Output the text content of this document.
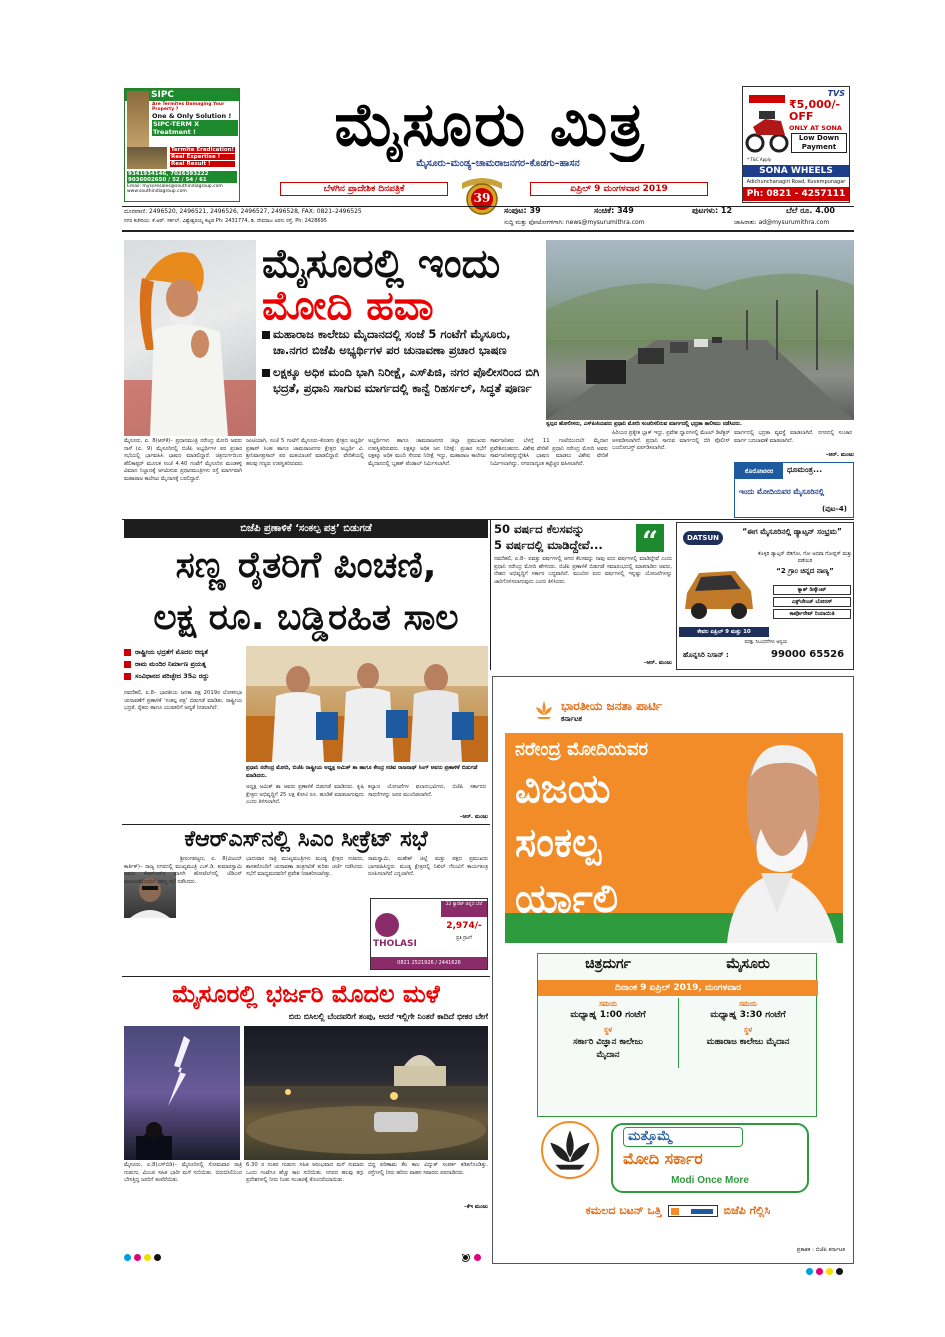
SIPC
Are Termites Damaging Your Property ?
One & Only Solution !
SIPC-TERM X Treatment !
Termite Eradication!
Real Expertise !
Real Result !
9341934146, 7026393222
9036002650 / 52 / 54 / 61
Email: mysoresales@southindiagroup.com
www.southindiagroup.com
ಮೈಸೂರು ಮಿತ್ರ
ಮೈಸೂರು–ಮಂಡ್ಯ–ಚಾಮರಾಜನಗರ–ಕೊಡಗು–ಹಾಸನ
ಬೆಳಗಿನ ಪ್ರಾದೇಶಿಕ ದಿನಪತ್ರಿಕೆ
39
ಏಪ್ರಿಲ್ 9 ಮಂಗಳವಾರ 2019
TVS
₹5,000/- OFF
ONLY AT SONA
Low Down Payment
* T&C Apply
SONA WHEELS
Adichunchanagiri Road, Kuvempunagar
Ph: 0821 - 4257111
ದೂರವಾಣಿ: 2496520, 2496521, 2496526, 2496527, 2496528, FAX: 0821–2496525
ನಗರ ಕಚೇರಿಯ: ಕೆ.ಆರ್. ಸರ್ಕಲ್, ವಿಶ್ವೇಶ್ವರಯ್ಯ ಕಟ್ಟಡ Ph: 2431774, ಡಿ. ದೇವರಾಜ ಅರಸು ರಸ್ತೆ, Ph: 2428695
ಸಂಪುಟ: 39	ಸಂಚಿಕೆ: 349	ಪುಟಗಳು: 12	ಬೆಲೆ ರೂ. 4.00
ಸುದ್ದಿ ಮತ್ತು ಫೋಟೋಗಳಿಗಾಗಿ: news@mysurumithra.com	ಜಾಹಿರಾತು: ad@mysurumithra.com
ಮೈಸೂರಲ್ಲಿ ಇಂದು
ಮೋದಿ ಹವಾ
ಮಹಾರಾಜ ಕಾಲೇಜು ಮೈದಾನದಲ್ಲಿ ಸಂಜೆ 5 ಗಂಟೆಗೆ ಮೈಸೂರು, ಚಾ.ನಗರ ಬಿಜೆಪಿ ಅಭ್ಯರ್ಥಿಗಳ ಪರ ಚುನಾವಣಾ ಪ್ರಚಾರ ಭಾಷಣ
ಲಕ್ಷಕ್ಕೂ ಅಧಿಕ ಮಂದಿ ಭಾಗಿ ನಿರೀಕ್ಷೆ, ಎಸ್‌ಪಿಜಿ, ನಗರ ಪೊಲೀಸರಿಂದ ಬಿಗಿ ಭದ್ರತೆ, ಪ್ರಧಾನಿ ಸಾಗುವ ಮಾರ್ಗದಲ್ಲಿ ಕಾನ್ವೆ ರಿಹರ್ಸಲ್, ಸಿದ್ಧತೆ ಪೂರ್ಣ
ಸ್ವಲ್ಪದ ಹೋಲೀಸರು, ಎಸ್‌ಪಿಜಿಯವರು ಪ್ರಧಾನಿ ಮೋದಿ ಸಂಚರಿಸಲಿರುವ ಮಾರ್ಗದಲ್ಲಿ ಭದ್ರತಾ ತಾಲೀಮು ನಡೆಸಿದರು.
ಮೈಸೂರು, ಏ. 8(ಆರ್‌ಕೆ)– ಪ್ರಧಾನಮಂತ್ರಿ ನರೇಂದ್ರ ಮೋದಿ ಅವರು ನಾಳೆ (ಏ. 9) ಮೈಸೂರಿನಲ್ಲಿ ಬಿಜೆಪಿ ಅಭ್ಯರ್ಥಿಗಳ ಪರ ಪ್ರಚಾರ ಸಭೆಯಲ್ಲಿ ಭಾಗವಹಿಸಿ ಭಾಷಣ ಮಾಡಲಿದ್ದಾರೆ. ಚಿತ್ರದುರ್ಗದಿಂದ ಹೆಲಿಕಾಪ್ಟರ್ ಮೂಲಕ ಸಂಜೆ 4.40 ಗಂಟೆಗೆ ಮೈಸೂರಿನ ಮಂಡಕಳ್ಳಿ ವಿಮಾನ ನಿಲ್ದಾಣಕ್ಕೆ ಆಗಮಿಸುವ ಪ್ರಧಾನಮಂತ್ರಿಗಳು ರಸ್ತೆ ಮಾರ್ಗವಾಗಿ ಮಹಾರಾಜ ಕಾಲೇಜು ಮೈದಾನಕ್ಕೆ ಬರಲಿದ್ದಾರೆ.
ಜಂಟಿಯಾಗಿ, ಸಂಜೆ 5 ಗಂಟೆಗೆ ಮೈಸೂರು–ಕೊಡಗು ಕ್ಷೇತ್ರದ ಅಭ್ಯರ್ಥಿ ಪ್ರತಾಪ್ ಸಿಂಹ ಹಾಗೂ ಚಾಮರಾಜನಗರ ಕ್ಷೇತ್ರದ ಅಭ್ಯರ್ಥಿ ವಿ. ಶ್ರೀನಿವಾಸಪ್ರಸಾದ್ ಪರ ಮತಯಾಚನೆ ಮಾಡಲಿದ್ದಾರೆ. ವೇದಿಕೆಯಲ್ಲಿ ಹಲವು ಗಣ್ಯರು ಉಪಸ್ಥಿತರಿರುವರು.
ಅಭ್ಯರ್ಥಿಗಳು ಹಾಗೂ ಚಾಮರಾಜನಗರ ಜಿಲ್ಲಾ ಪ್ರಮುಖರು ಉಪಸ್ಥಿತರಿರುವರು. ಲಕ್ಷಕ್ಕೂ ಅಧಿಕ ಜನ ನಿರೀಕ್ಷೆ: ಪ್ರಚಾರ ಸಭೆಗೆ ಲಕ್ಷಕ್ಕೂ ಅಧಿಕ ಮಂದಿ ಸೇರುವ ನಿರೀಕ್ಷೆ ಇದ್ದು, ಮಹಾರಾಜ ಕಾಲೇಜು ಮೈದಾನದಲ್ಲಿ ಬೃಹತ್ ಪೆಂಡಾಲ್ ನಿರ್ಮಿಸಲಾಗಿದೆ.
ಸಾರ್ವಜನಿಕರು ಬೆಳಗ್ಗೆ 11 ಗಂಟೆಯಿಂದಲೇ ಮೈದಾನ ಪ್ರವೇಶಿಸಬಹುದು. ವಿಶೇಷ ವೇದಿಕೆ: ಪ್ರಧಾನಿ ನರೇಂದ್ರ ಮೋದಿ ಅವರು ಸಾರ್ವಜನಿಕರನ್ನುದ್ದೇಶಿಸಿ ಭಾಷಣ ಮಾಡಲು ವಿಶೇಷ ವೇದಿಕೆ ನಿರ್ಮಿಸಲಾಗಿದ್ದು, ನಗರದಾದ್ಯಂತ ಕಟ್ಟೆಚ್ಚರ ವಹಿಸಲಾಗಿದೆ.
ಹಿರಿಯರ ಪ್ರತ್ಯೇಕ ಬ್ಲಾಕ್ ಇದ್ದು, ಪ್ರವೇಶ ದ್ವಾರಗಳಲ್ಲಿ ಮೆಟಲ್ ಡಿಟೆಕ್ಟರ್ ಅಳವಡಿಸಲಾಗಿದೆ. ಪ್ರಧಾನಿ ಸಾಗುವ ಮಾರ್ಗದಲ್ಲಿ ಬಿಗಿ ಪೊಲೀಸ್ ಬಂದೋಬಸ್ತ್ ಏರ್ಪಡಿಸಲಾಗಿದೆ.
ಮಾರ್ಗದಲ್ಲಿ ಭದ್ರತಾ ವ್ಯವಸ್ಥೆ ಮಾಡಲಾಗಿದೆ. ನಗರದಲ್ಲಿ ಸಂಚಾರ ಮಾರ್ಗ ಬದಲಾವಣೆ ಮಾಡಲಾಗಿದೆ.
–ಆರ್. ಮಂಜು
ಕೊರೋವನರ	ಧೂಮಂತ್ರ...
ಇಂದು ಮೋದಿಯವರ ಮೈಸೂರಿನಲ್ಲಿ
(ಪುಟ–4)
ಬಿಜೆಪಿ ಪ್ರಣಾಳಿಕೆ ‘ಸಂಕಲ್ಪ ಪತ್ರ’ ಬಿಡುಗಡೆ
ಸಣ್ಣ ರೈತರಿಗೆ ಪಿಂಚಣಿ,
ಲಕ್ಷ ರೂ. ಬಡ್ಡಿರಹಿತ ಸಾಲ
ರಾಷ್ಟ್ರೀಯ ಭದ್ರತೆಗೆ ಮೊದಲ ಆದ್ಯತೆ
ರಾಮ ಮಂದಿರ ನಿರ್ಮಾಣ ಪ್ರಯತ್ನ
ಸಂವಿಧಾನದ ಪರಿಚ್ಛೇದ 35ಎ ರದ್ದು
ಪ್ರಧಾನಿ ನರೇಂದ್ರ ಮೋದಿ, ಬಿಜೆಪಿ ರಾಷ್ಟ್ರೀಯ ಅಧ್ಯಕ್ಷ ಅಮಿತ್ ಶಾ ಹಾಗೂ ಕೇಂದ್ರ ಸಚಿವ ರಾಜನಾಥ್ ಸಿಂಗ್ ಅವರು ಪ್ರಣಾಳಿಕೆ ಬಿಡುಗಡೆ ಮಾಡಿದರು.
ನವದೆಹಲಿ, ಏ.8– ಭಾರತೀಯ ಜನತಾ ಪಕ್ಷ 2019ರ ಲೋಕಸಭಾ ಚುನಾವಣೆಗೆ ಪ್ರಣಾಳಿಕೆ ‘ಸಂಕಲ್ಪ ಪತ್ರ’ ಬಿಡುಗಡೆ ಮಾಡಿತು. ರಾಷ್ಟ್ರೀಯ ಭದ್ರತೆ, ರೈತರು ಹಾಗೂ ಯುವಕರಿಗೆ ಆದ್ಯತೆ ನೀಡಲಾಗಿದೆ.
ಅಧ್ಯಕ್ಷ ಅಮಿತ್ ಶಾ ಅವರು ಪ್ರಣಾಳಿಕೆ ಬಿಡುಗಡೆ ಮಾಡಿದರು. ಕೃಷಿ ಕ್ಷೇತ್ರದ ಅಭಿವೃದ್ಧಿಗೆ 25 ಲಕ್ಷ ಕೋಟಿ ರೂ. ಹೂಡಿಕೆ ಮಾಡಲಾಗುವುದು ಎಂದು ತಿಳಿಸಲಾಗಿದೆ.
ಕಲ್ಯಾಣ ಯೋಜನೆಗಳ ಫಲಾನುಭವಿಗಳು, ಬಿಜೆಪಿ ಸರ್ಕಾರದ ಸಾಧನೆಗಳನ್ನು ಜನರ ಮುಂದಿಡಲಾಗಿದೆ.
–ಆರ್. ಮಂಜು
50 ವರ್ಷದ ಕೆಲಸವನ್ನು
5 ವರ್ಷದಲ್ಲಿ ಮಾಡಿದ್ದೇವೆ...	“
ನವದೆಹಲಿ, ಏ.8– ಐವತ್ತು ವರ್ಷಗಳಲ್ಲಿ ಆಗದ ಕೆಲಸವನ್ನು ನಾವು ಐದು ವರ್ಷಗಳಲ್ಲಿ ಮಾಡಿದ್ದೇವೆ ಎಂದು ಪ್ರಧಾನಿ ನರೇಂದ್ರ ಮೋದಿ ಹೇಳಿದರು. ಬಿಜೆಪಿ ಪ್ರಣಾಳಿಕೆ ಬಿಡುಗಡೆ ಸಮಾರಂಭದಲ್ಲಿ ಮಾತನಾಡಿದ ಅವರು, ದೇಶದ ಅಭಿವೃದ್ಧಿಗೆ ಸರ್ಕಾರ ಬದ್ಧವಾಗಿದೆ. ಮುಂದಿನ ಐದು ವರ್ಷಗಳಲ್ಲಿ ಇನ್ನಷ್ಟು ಯೋಜನೆಗಳನ್ನು ಜಾರಿಗೊಳಿಸಲಾಗುವುದು ಎಂದು ತಿಳಿಸಿದರು.
–ಆರ್. ಮಂಜು
DATSUN
“ಈಗ ಮೈಸೂರಿನಲ್ಲಿ ಡ್ಯಾಟ್ಸನ್ ಸಂಭ್ರಮ”
ಕೊಳ್ಳಿರಿ ಡ್ಯಾಟ್ಸನ್ ರೆಡಿಗೋ, ಗೋ ಅಥವಾ ಗೋಪ್ಲಸ್ ಮತ್ತು ಪಡೆಯಿರಿ
“2 ಗ್ರಾಂ ಚಿನ್ನದ ನಾಣ್ಯ”
ಕ್ಯಾಶ್ ಡಿಸ್ಕೌಂಟ್
ಎಕ್ಸ್‌ಚೇಂಜ್ ಬೋನಸ್
ಕಾರ್ಪೊರೇಟ್ ರಿಯಾಯಿತಿ
ಕೇವಲ ಏಪ್ರಿಲ್ 9 ಮತ್ತು 10
ಷರತ್ತು ನಿಬಂಧನೆಗಳು ಅನ್ವಯ
ಹೊನ್ನಸಿರಿ ನಿಸಾನ್ :	99000 65526
ಭಾರತೀಯ ಜನತಾ ಪಾರ್ಟಿ
ಕರ್ನಾಟಕ
ನರೇಂದ್ರ ಮೋದಿಯವರ
ವಿಜಯ
ಸಂಕಲ್ಪ
ರ್ಯಾಲಿ
ಚಿತ್ರದುರ್ಗ	ಮೈಸೂರು
ದಿನಾಂಕ 9 ಏಪ್ರಿಲ್ 2019, ಮಂಗಳವಾರ
ಸಮಯ	ಸಮಯ
ಮಧ್ಯಾಹ್ನ 1:00 ಗಂಟೆಗೆ	ಮಧ್ಯಾಹ್ನ 3:30 ಗಂಟೆಗೆ
ಸ್ಥಳ	ಸ್ಥಳ
ಸರ್ಕಾರಿ ವಿಜ್ಞಾನ ಕಾಲೇಜು ಮೈದಾನ
ಮಹಾರಾಜ ಕಾಲೇಜು ಮೈದಾನ
ಮತ್ತೊಮ್ಮೆ
ಮೋದಿ ಸರ್ಕಾರ
Modi Once More
ಕಮಲದ ಬಟನ್ ಒತ್ತಿ	ಬಿಜೆಪಿ ಗೆಲ್ಲಿಸಿ
ಪ್ರಕಾಶಕ : ಬಿಜೆಪಿ ಕರ್ನಾಟಕ
ಕೆಆರ್‌ಎಸ್‌ನಲ್ಲಿ ಸಿಎಂ ಸೀಕ್ರೆಟ್ ಸಭೆ
ಶ್ರೀರಂಗಪಟ್ಟಣ, ಏ. 8(ವಿಜಯ್ ಕಾರ್ತಿಕ್)– ರಾಜ್ಯ ನಗರದಲ್ಲಿ ಮುಖ್ಯಮಂತ್ರಿ ಎಚ್.ಡಿ. ಕುಮಾರಸ್ವಾಮಿ ಅವರು ಕೆಆರ್‌ಎಸ್‌ನ ಖಾಸಗಿ ಹೋಟೆಲ್‌ನಲ್ಲಿ ಜೆಡಿಎಸ್ ಮುಖಂಡರೊಂದಿಗೆ ರಹಸ್ಯ ಸಭೆ ನಡೆಸಿದರು.
ಭಾನುವಾರ ರಾತ್ರಿ ಮುಖ್ಯಮಂತ್ರಿಗಳು ಮಂಡ್ಯ ಕ್ಷೇತ್ರದ ಸಚಿವರು, ಶಾಸಕರೊಂದಿಗೆ ಚುನಾವಣಾ ತಂತ್ರಗಾರಿಕೆ ಕುರಿತು ಚರ್ಚೆ ನಡೆಸಿದರು. ಸಭೆಗೆ ಮಾಧ್ಯಮದವರಿಗೆ ಪ್ರವೇಶ ನಿರಾಕರಿಸಲಾಗಿತ್ತು.
ರಾಮಸ್ವಾಮಿ, ಮಹೇಶ್ ಜಿಲ್ಲೆ ಮತ್ತು ಪಕ್ಷದ ಪ್ರಮುಖರು ಭಾಗವಹಿಸಿದ್ದರು. ಮಂಡ್ಯ ಕ್ಷೇತ್ರದಲ್ಲಿ ನಿಖಿಲ್ ಗೆಲುವಿಗೆ ಕಾರ್ಯತಂತ್ರ ರೂಪಿಸಲಾಗಿದೆ ಎನ್ನಲಾಗಿದೆ.
THOLASI
22 ಕ್ಯಾರೆಟ್ ಚಿನ್ನದ ಬೆಲೆ
2,974/-
ಪ್ರತಿ ಗ್ರಾಂಗೆ
0821 2521926 / 2441626
ಮೈಸೂರಲ್ಲಿ ಭರ್ಜರಿ ಮೊದಲ ಮಳೆ
ಬಿರು ಬಿಸಿಲಲ್ಲಿ ಬೆಂದವರಿಗೆ ತಂಪು, ಆದರೆ ಇಲ್ಲಿಗೇ ನಿಂತರೆ ಕಾದಿದೆ ಭೀಕರ ಬೇಗೆ
ಮೈಸೂರು, ಏ.8(ಎಸ್‌ಬಿಡಿ)– ಮೈಸೂರಿನಲ್ಲಿ ಸೋಮವಾರ ರಾತ್ರಿ ಗುಡುಗು, ಮಿಂಚು ಸಹಿತ ಭಾರೀ ಮಳೆ ಸುರಿಯಿತು. ಬಿರುಬಿಸಿಲಿನಿಂದ ಬೇಸತ್ತಿದ್ದ ಜನರಿಗೆ ತಂಪೆರೆಯಿತು.
6.30 ರ ನಂತರ ಗುಡುಗು ಸಹಿತ ಆರಂಭವಾದ ಮಳೆ ಸುಮಾರು ಒಂದು ಗಂಟೆಗೂ ಹೆಚ್ಚು ಕಾಲ ಸುರಿಯಿತು. ನಗರದ ಹಲವು ತಗ್ಗು ಪ್ರದೇಶಗಳಲ್ಲಿ ನೀರು ನಿಂತು ಸಂಚಾರಕ್ಕೆ ತೊಂದರೆಯಾಯಿತು.
ಬಿದ್ದ ಪರಿಣಾಮ ಕೆಲ ಕಾಲ ವಿದ್ಯುತ್ ಸಂಪರ್ಕ ಕಡಿತಗೊಂಡಿತ್ತು. ರಸ್ತೆಗಳಲ್ಲಿ ನೀರು ಹರಿದು ವಾಹನ ಸವಾರರು ಪರದಾಡಿದರು.
–ಕೆಇ ಮಂಜು
